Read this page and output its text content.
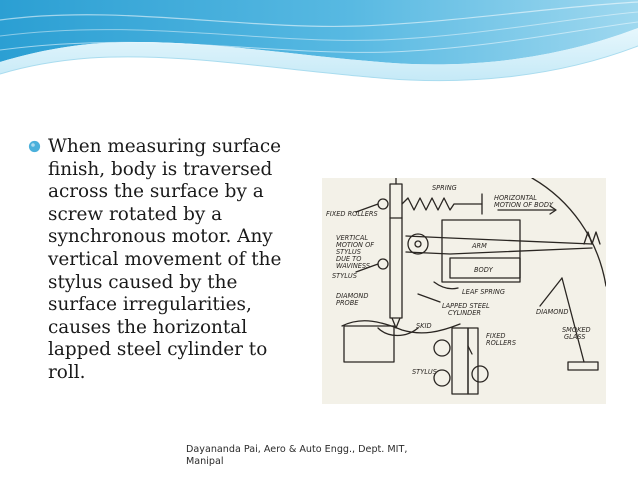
When measuring surface
finish, body is traversed
across the surface by a
screw rotated by a
synchronous motor. Any
vertical movement of the
stylus caused by the
surface irregularities,
causes the horizontal
lapped steel cylinder to
roll.
SPRING
HORIZONTAL
MOTION OF BODY
FIXED ROLLERS
VERTICAL
MOTION OF
STYLUS
DUE TO
WAVINESS
ARM
BODY
STYLUS
LEAF SPRING
DIAMOND
PROBE	LAPPED STEEL
CYLINDER	DIAMOND
SKID
FIXED
ROLLERS
SMOKED
GLASS
STYLUS
Dayananda Pai, Aero & Auto Engg., Dept. MIT,
Manipal
